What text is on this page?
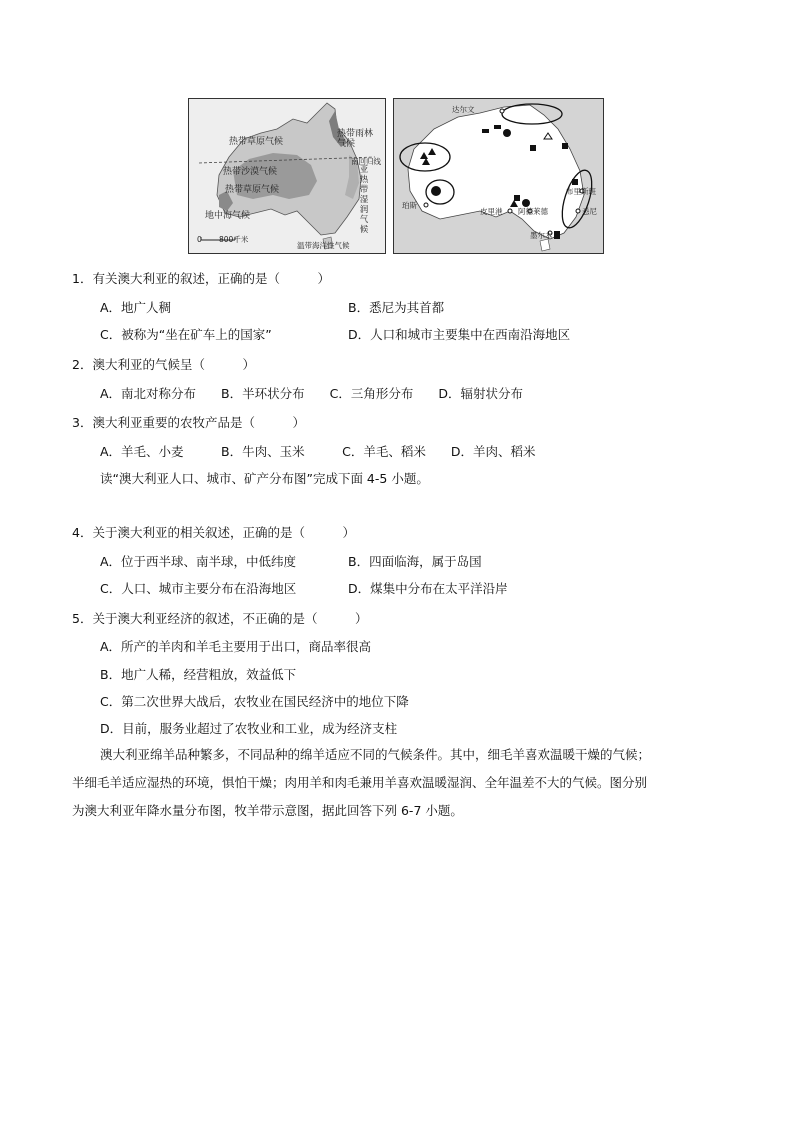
热带草原气候
热带雨林气候
南回归线
热带沙漠气候
热带草原气候
地中海气候
亚热带湿润气候
温带海洋性气候
0 800千米
达尔文
珀斯
皮里港 阿德莱德
布里斯班
悉尼
墨尔本
1．有关澳大利亚的叙述，正确的是（　　　）
A．地广人稠	B．悉尼为其首都
C．被称为“坐在矿车上的国家”	D．人口和城市主要集中在西南沿海地区
2．澳大利亚的气候呈（　　　）
A．南北对称分布　　B．半环状分布　　C．三角形分布　　D．辐射状分布
3．澳大利亚重要的农牧产品是（　　　）
A．羊毛、小麦　　　B．牛肉、玉米　　　C．羊毛、稻米　　D．羊肉、稻米
读“澳大利亚人口、城市、矿产分布图”完成下面 4-5 小题。
4．关于澳大利亚的相关叙述，正确的是（　　　）
A．位于西半球、南半球，中低纬度	B．四面临海，属于岛国
C．人口、城市主要分布在沿海地区	D．煤集中分布在太平洋沿岸
5．关于澳大利亚经济的叙述，不正确的是（　　　）
A．所产的羊肉和羊毛主要用于出口，商品率很高
B．地广人稀，经营粗放，效益低下
C．第二次世界大战后，农牧业在国民经济中的地位下降
D．目前，服务业超过了农牧业和工业，成为经济支柱
澳大利亚绵羊品种繁多，不同品种的绵羊适应不同的气候条件。其中，细毛羊喜欢温暖干燥的气候；
半细毛羊适应湿热的环境，惧怕干燥；肉用羊和肉毛兼用羊喜欢温暖湿润、全年温差不大的气候。图分别
为澳大利亚年降水量分布图，牧羊带示意图，据此回答下列 6-7 小题。
